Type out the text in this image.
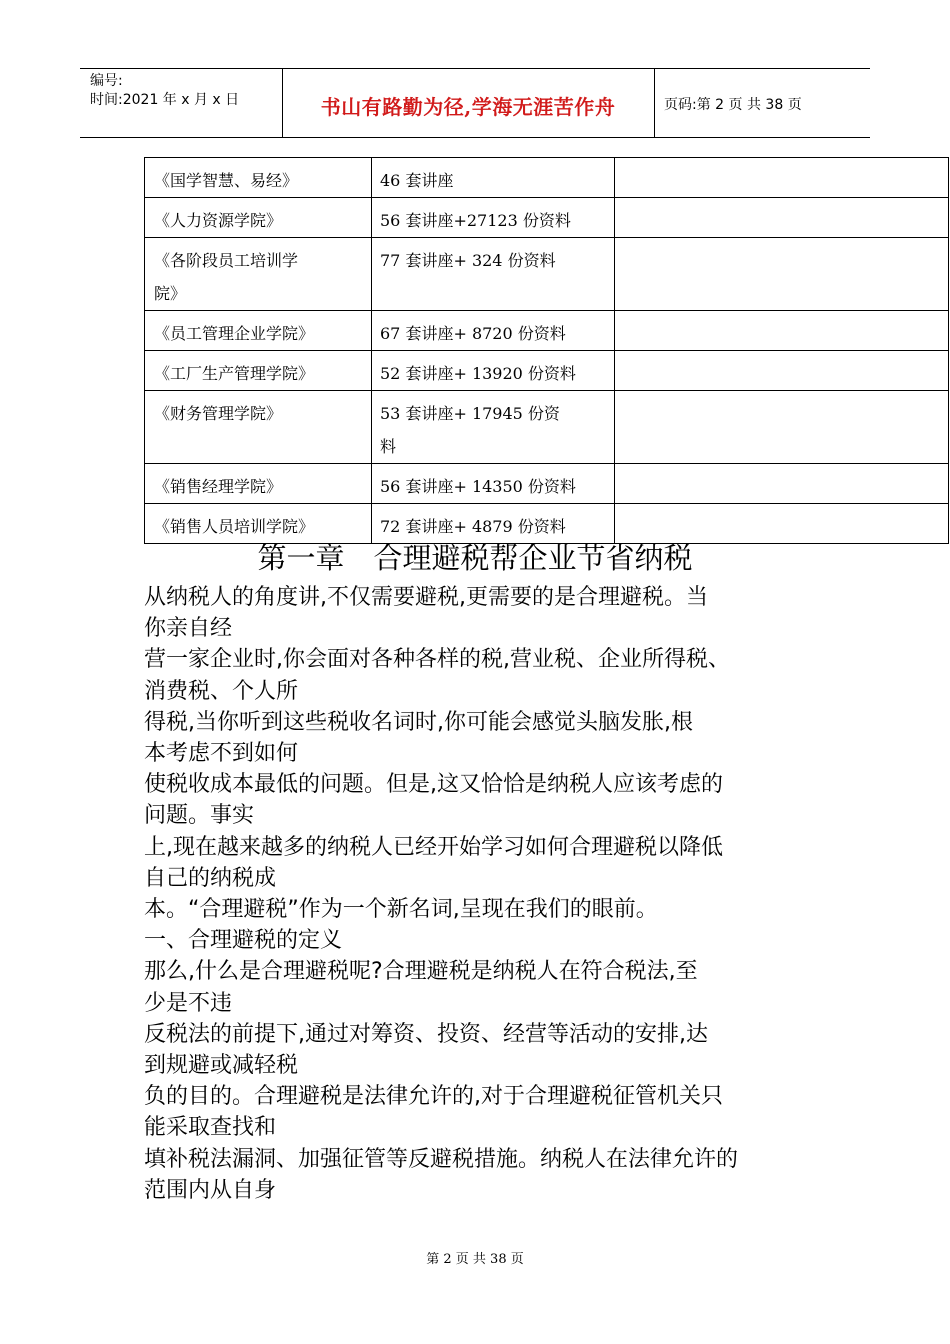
编号:
时间:2021 年 x 月 x 日	书山有路勤为径,学海无涯苦作舟	页码:第 2 页 共 38 页
《国学智慧、易经》	46 套讲座	

《人力资源学院》	56 套讲座+27123 份资料	

《各阶段员工培训学
院》	77 套讲座+ 324 份资料	

《员工管理企业学院》	67 套讲座+ 8720 份资料	

《工厂生产管理学院》	52 套讲座+ 13920 份资料	

《财务管理学院》	53 套讲座+ 17945 份资
料	

《销售经理学院》	56 套讲座+ 14350 份资料	

《销售人员培训学院》	72 套讲座+ 4879 份资料	

第一章　合理避税帮企业节省纳税
从纳税人的角度讲,不仅需要避税,更需要的是合理避税。当
你亲自经
营一家企业时,你会面对各种各样的税,营业税、企业所得税、
消费税、个人所
得税,当你听到这些税收名词时,你可能会感觉头脑发胀,根
本考虑不到如何
使税收成本最低的问题。但是,这又恰恰是纳税人应该考虑的
问题。事实
上,现在越来越多的纳税人已经开始学习如何合理避税以降低
自己的纳税成
本。“合理避税”作为一个新名词,呈现在我们的眼前。
一、合理避税的定义
那么,什么是合理避税呢?合理避税是纳税人在符合税法,至
少是不违
反税法的前提下,通过对筹资、投资、经营等活动的安排,达
到规避或减轻税
负的目的。合理避税是法律允许的,对于合理避税征管机关只
能采取查找和
填补税法漏洞、加强征管等反避税措施。纳税人在法律允许的
范围内从自身
第 2 页 共 38 页
